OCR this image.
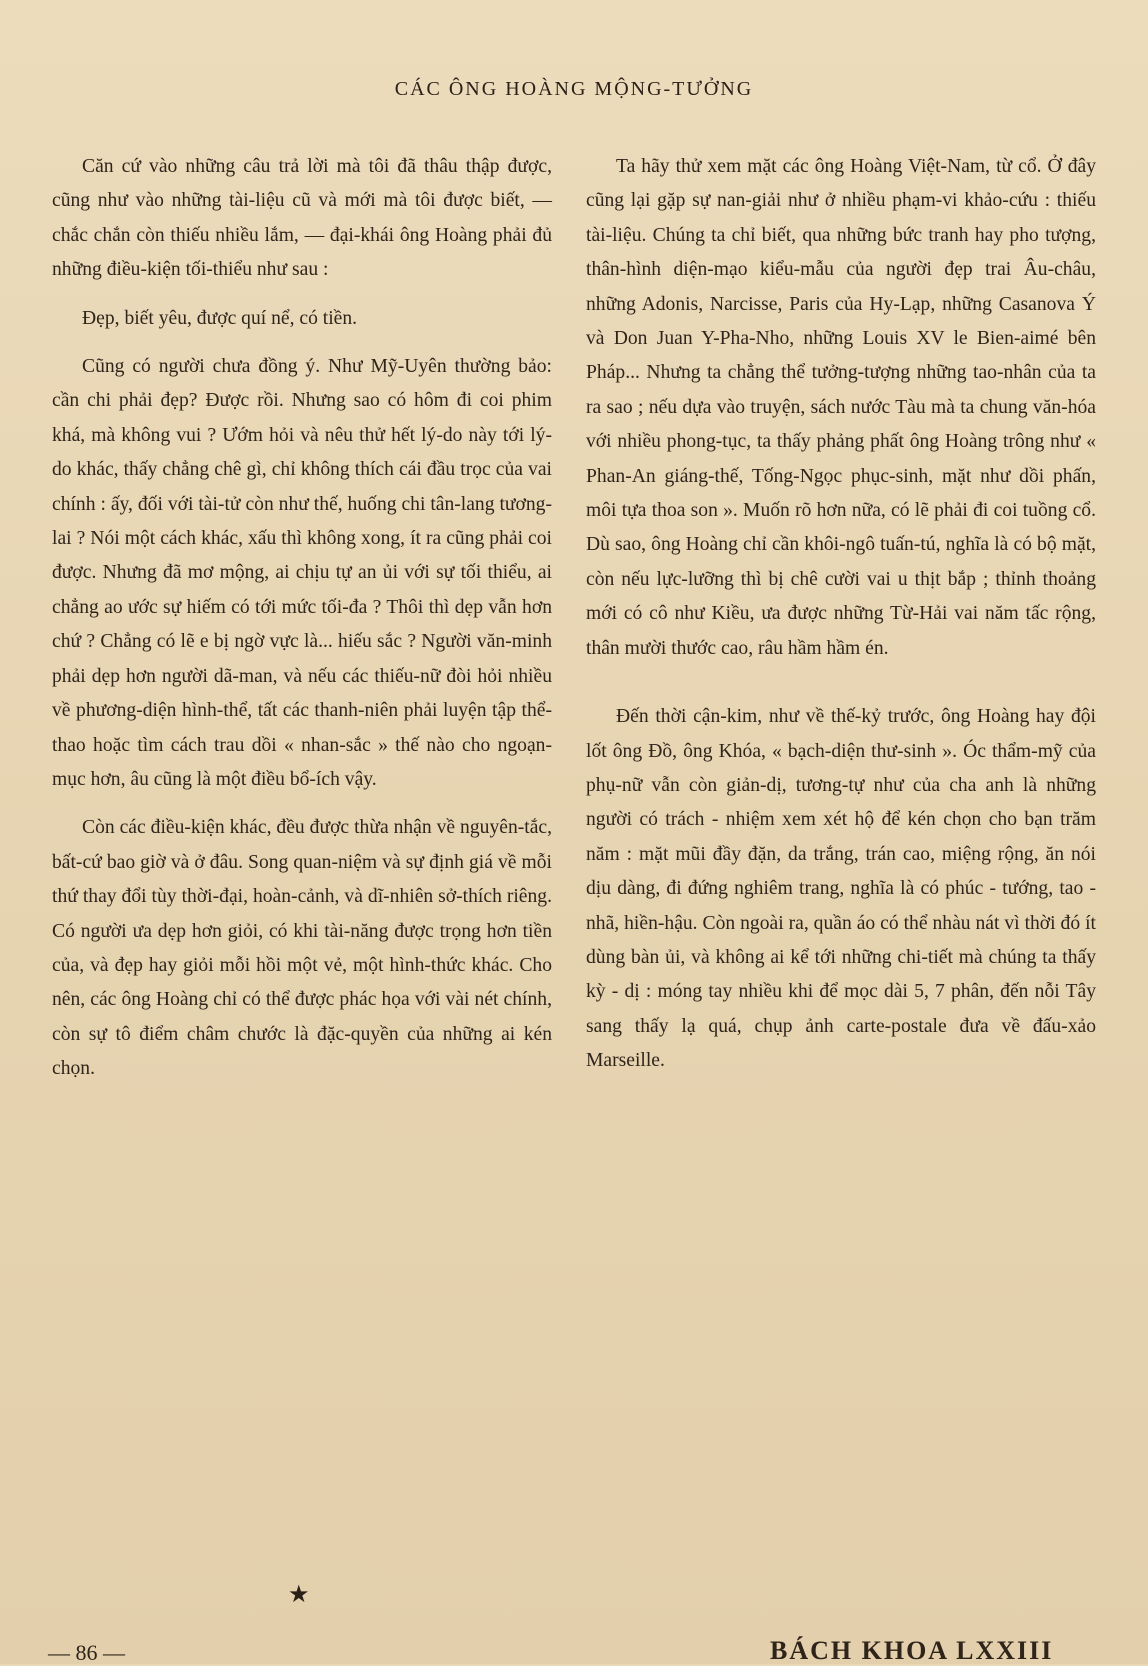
CÁC ÔNG HOÀNG MỘNG-TƯỞNG

Căn cứ vào những câu trả lời mà tôi đã thâu thập được, cũng như vào những tài-liệu cũ và mới mà tôi được biết, — chắc chắn còn thiếu nhiều lắm, — đại-khái ông Hoàng phải đủ những điều-kiện tối-thiểu như sau :

Đẹp, biết yêu, được quí nể, có tiền.

Cũng có người chưa đồng ý. Như Mỹ-Uyên thường bảo: cần chi phải đẹp? Được rồi. Nhưng sao có hôm đi coi phim khá, mà không vui ? Ướm hỏi và nêu thử hết lý-do này tới lý-do khác, thấy chẳng chê gì, chỉ không thích cái đầu trọc của vai chính : ấy, đối với tài-tử còn như thế, huống chi tân-lang tương-lai ? Nói một cách khác, xấu thì không xong, ít ra cũng phải coi được. Nhưng đã mơ mộng, ai chịu tự an ủi với sự tối thiểu, ai chẳng ao ước sự hiếm có tới mức tối-đa ? Thôi thì dẹp vẫn hơn chứ ? Chẳng có lẽ e bị ngờ vực là... hiếu sắc ? Người văn-minh phải dẹp hơn người dã-man, và nếu các thiếu-nữ đòi hỏi nhiều về phương-diện hình-thể, tất các thanh-niên phải luyện tập thể-thao hoặc tìm cách trau dồi « nhan-sắc » thế nào cho ngoạn-mục hơn, âu cũng là một điều bổ-ích vậy.

Còn các điều-kiện khác, đều được thừa nhận về nguyên-tắc, bất-cứ bao giờ và ở đâu. Song quan-niệm và sự định giá về mỗi thứ thay đổi tùy thời-đại, hoàn-cảnh, và dĩ-nhiên sở-thích riêng. Có người ưa dẹp hơn giỏi, có khi tài-năng được trọng hơn tiền của, và đẹp hay giỏi mỗi hồi một vẻ, một hình-thức khác. Cho nên, các ông Hoàng chỉ có thể được phác họa với vài nét chính, còn sự tô điểm châm chước là đặc-quyền của những ai kén chọn.

Ta hãy thử xem mặt các ông Hoàng Việt-Nam, từ cổ. Ở đây cũng lại gặp sự nan-giải như ở nhiều phạm-vi khảo-cứu : thiếu tài-liệu. Chúng ta chỉ biết, qua những bức tranh hay pho tượng, thân-hình diện-mạo kiểu-mẫu của người đẹp trai Âu-châu, những Adonis, Narcisse, Paris của Hy-Lạp, những Casanova Ý và Don Juan Y-Pha-Nho, những Louis XV le Bien-aimé bên Pháp... Nhưng ta chẳng thể tưởng-tượng những tao-nhân của ta ra sao ; nếu dựa vào truyện, sách nước Tàu mà ta chung văn-hóa với nhiều phong-tục, ta thấy phảng phất ông Hoàng trông như « Phan-An giáng-thế, Tống-Ngọc phục-sinh, mặt như dồi phấn, môi tựa thoa son ». Muốn rõ hơn nữa, có lẽ phải đi coi tuồng cổ. Dù sao, ông Hoàng chỉ cần khôi-ngô tuấn-tú, nghĩa là có bộ mặt, còn nếu lực-lưỡng thì bị chê cười vai u thịt bắp ; thỉnh thoảng mới có cô như Kiều, ưa được những Từ-Hải vai năm tấc rộng, thân mười thước cao, râu hầm hầm én.

Đến thời cận-kim, như về thế-kỷ trước, ông Hoàng hay đội lốt ông Đồ, ông Khóa, « bạch-diện thư-sinh ». Óc thẩm-mỹ của phụ-nữ vẫn còn giản-dị, tương-tự như của cha anh là những người có trách - nhiệm xem xét hộ để kén chọn cho bạn trăm năm : mặt mũi đầy đặn, da trắng, trán cao, miệng rộng, ăn nói dịu dàng, đi đứng nghiêm trang, nghĩa là có phúc - tướng, tao - nhã, hiền-hậu. Còn ngoài ra, quần áo có thể nhàu nát vì thời đó ít dùng bàn ủi, và không ai kể tới những chi-tiết mà chúng ta thấy kỳ - dị : móng tay nhiều khi để mọc dài 5, 7 phân, đến nỗi Tây sang thấy lạ quá, chụp ảnh carte-postale đưa về đấu-xảo Marseille.

★
— 86 —	BÁCH KHOA LXXIII
